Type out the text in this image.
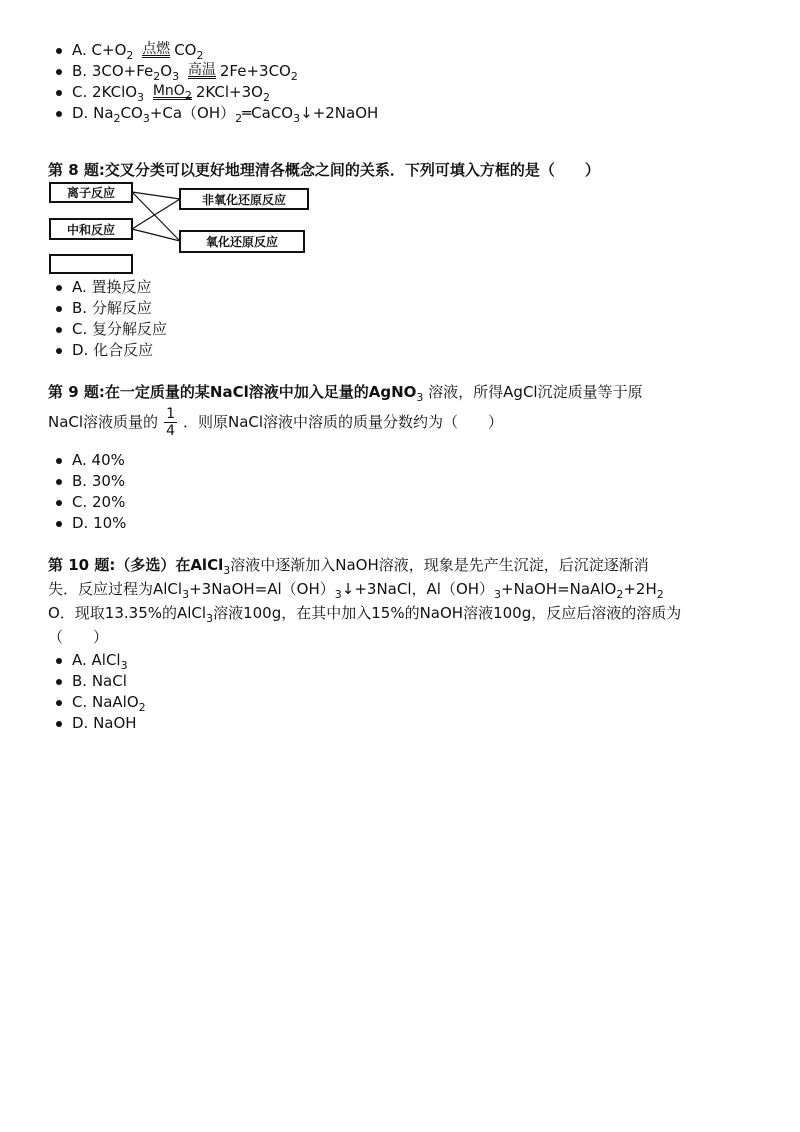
A. $C+O_2$ 点燃 $CO_2$
B. $3CO+Fe_2O_3$ 高温 $2Fe+3CO_2$
C. 2KClO$_3$ MnO$_2$ $2KCl+3O_2$
D. $Na_2CO_3+Ca(OH)_2═CaCO_3↓+2NaOH$
第 8 题:交叉分类可以更好地理清各概念之间的关系．下列可填入方框的是（　　）
离子反应
中和反应
非氧化还原反应
氧化还原反应
A. 置换反应
B. 分解反应
C. 复分解反应
D. 化合反应
第 9 题:在一定质量的某NaCl溶液中加入足量的AgNO$_3$ 溶液，所得AgCl沉淀质量等于原
NaCl溶液质量的 $\frac{1}{4}$ ．则原NaCl溶液中溶质的质量分数约为（　　）
A. 40%
B. 30%
C. 20%
D. 10%
第 10 题:（多选）在AlCl$_3$溶液中逐渐加入NaOH溶液，现象是先产生沉淀，后沉淀逐渐消
失．反应过程为$AlCl_3+3NaOH=Al(OH)_3↓+3NaCl$，$Al(OH)_3+NaOH=NaAlO_2+2H_2$
O．现取13.35%的AlCl$_3$溶液100g，在其中加入15%的NaOH溶液100g，反应后溶液的溶质为
（　　）
A. AlCl$_3$
B. NaCl
C. NaAlO$_2$
D. NaOH
